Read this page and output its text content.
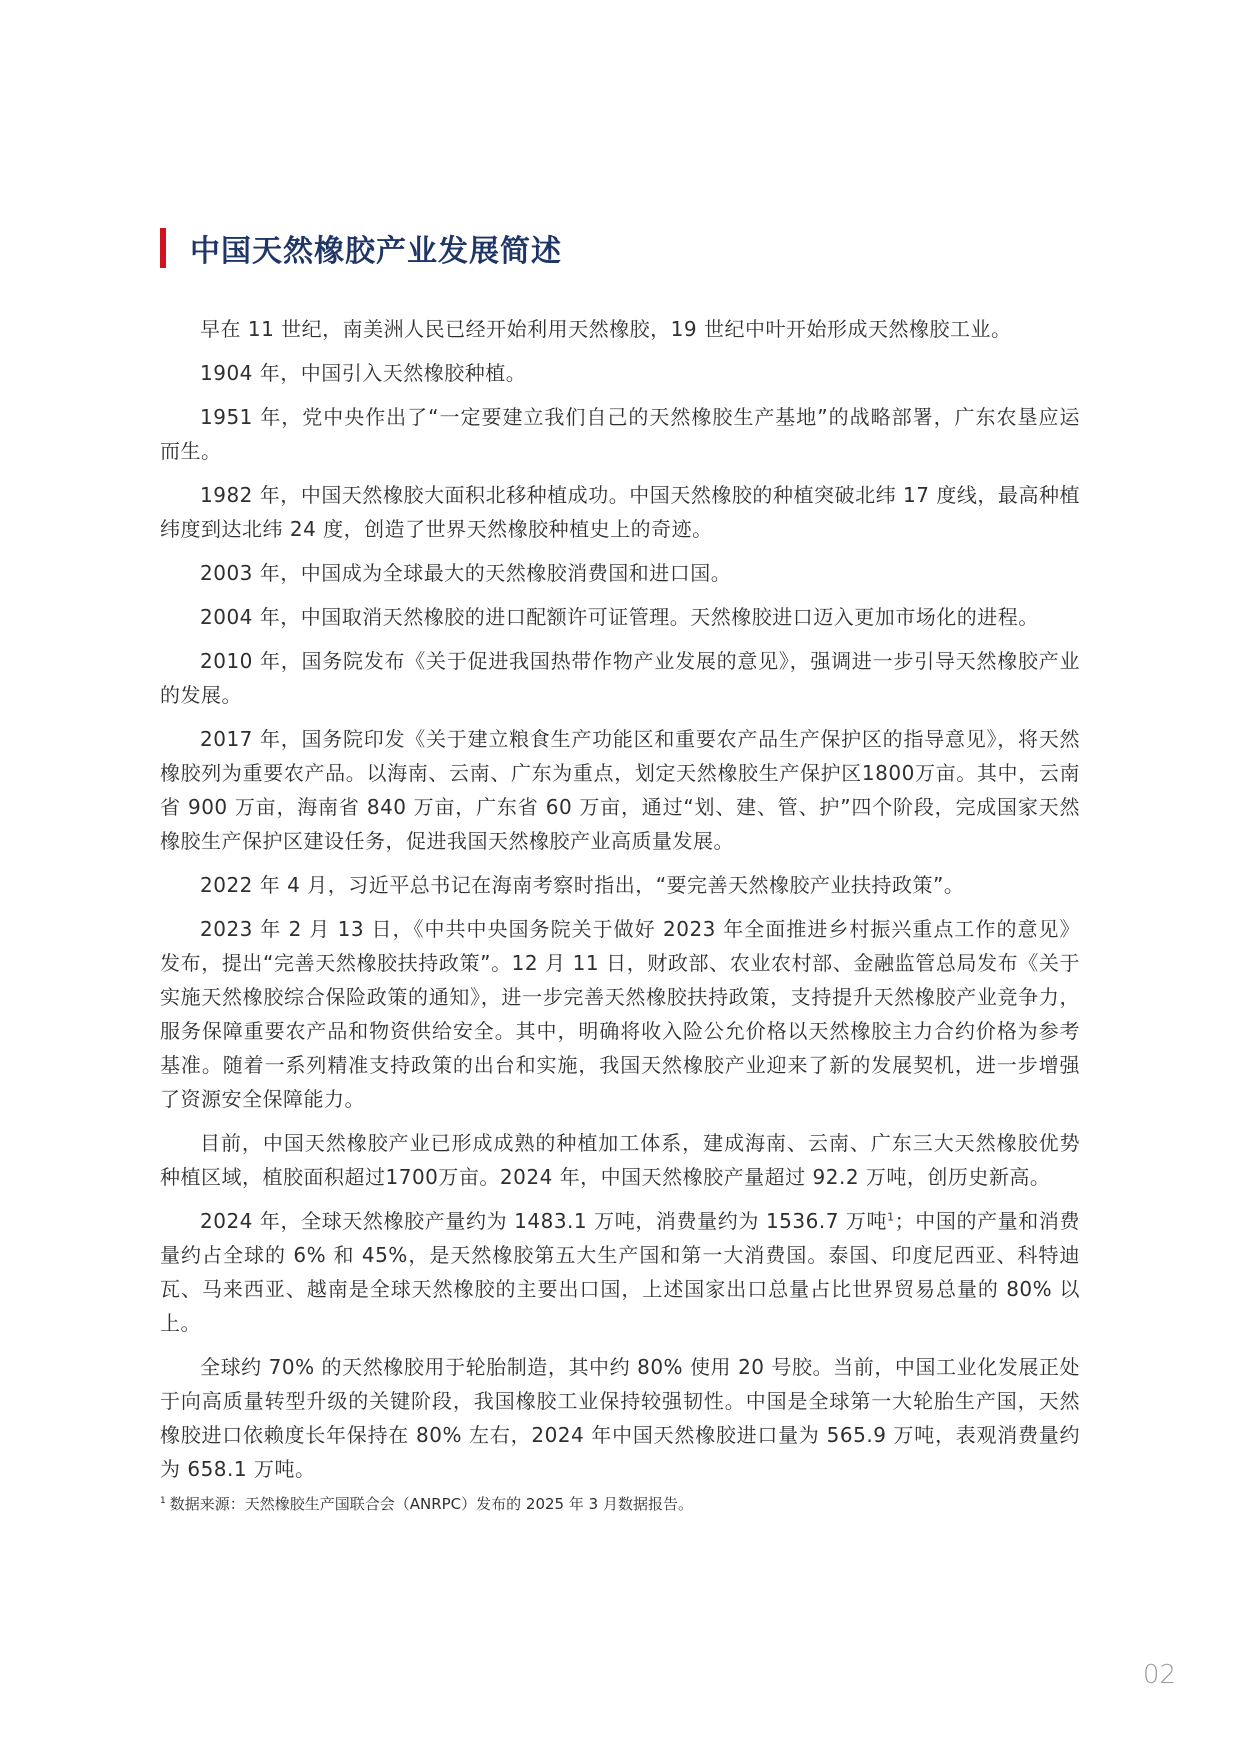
中国天然橡胶产业发展简述

早在 11 世纪，南美洲人民已经开始利用天然橡胶，19 世纪中叶开始形成天然橡胶工业。

1904 年，中国引入天然橡胶种植。

1951 年，党中央作出了“一定要建立我们自己的天然橡胶生产基地”的战略部署，广东农垦应运而生。

1982 年，中国天然橡胶大面积北移种植成功。中国天然橡胶的种植突破北纬 17 度线，最高种植纬度到达北纬 24 度，创造了世界天然橡胶种植史上的奇迹。

2003 年，中国成为全球最大的天然橡胶消费国和进口国。

2004 年，中国取消天然橡胶的进口配额许可证管理。天然橡胶进口迈入更加市场化的进程。

2010 年，国务院发布《关于促进我国热带作物产业发展的意见》，强调进一步引导天然橡胶产业的发展。

2017 年，国务院印发《关于建立粮食生产功能区和重要农产品生产保护区的指导意见》，将天然橡胶列为重要农产品。以海南、云南、广东为重点，划定天然橡胶生产保护区1800万亩。其中，云南省 900 万亩，海南省 840 万亩，广东省 60 万亩，通过“划、建、管、护”四个阶段，完成国家天然橡胶生产保护区建设任务，促进我国天然橡胶产业高质量发展。

2022 年 4 月，习近平总书记在海南考察时指出，“要完善天然橡胶产业扶持政策”。

2023 年 2 月 13 日，《中共中央国务院关于做好 2023 年全面推进乡村振兴重点工作的意见》发布，提出“完善天然橡胶扶持政策”。12 月 11 日，财政部、农业农村部、金融监管总局发布《关于实施天然橡胶综合保险政策的通知》，进一步完善天然橡胶扶持政策，支持提升天然橡胶产业竞争力，服务保障重要农产品和物资供给安全。其中，明确将收入险公允价格以天然橡胶主力合约价格为参考基准。随着一系列精准支持政策的出台和实施，我国天然橡胶产业迎来了新的发展契机，进一步增强了资源安全保障能力。

目前，中国天然橡胶产业已形成成熟的种植加工体系，建成海南、云南、广东三大天然橡胶优势种植区域，植胶面积超过1700万亩。2024 年，中国天然橡胶产量超过 92.2 万吨，创历史新高。

2024 年，全球天然橡胶产量约为 1483.1 万吨，消费量约为 1536.7 万吨$^1$；中国的产量和消费量约占全球的 6% 和 45%，是天然橡胶第五大生产国和第一大消费国。泰国、印度尼西亚、科特迪瓦、马来西亚、越南是全球天然橡胶的主要出口国，上述国家出口总量占比世界贸易总量的 80% 以上。

全球约 70% 的天然橡胶用于轮胎制造，其中约 80% 使用 20 号胶。当前，中国工业化发展正处于向高质量转型升级的关键阶段，我国橡胶工业保持较强韧性。中国是全球第一大轮胎生产国，天然橡胶进口依赖度长年保持在 80% 左右，2024 年中国天然橡胶进口量为 565.9 万吨，表观消费量约为 658.1 万吨。

$^1$ 数据来源：天然橡胶生产国联合会（ANRPC）发布的 2025 年 3 月数据报告。
02
